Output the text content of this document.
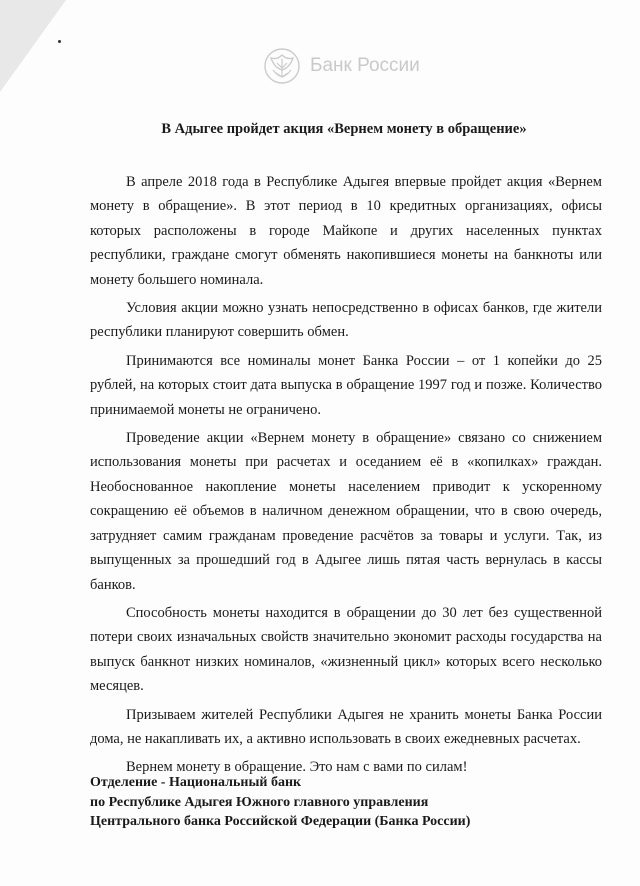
Банк России
В Адыгее пройдет акция «Вернем монету в обращение»

В апреле 2018 года в Республике Адыгея впервые пройдет акция «Вернем монету в обращение». В этот период в 10 кредитных организациях, офисы которых расположены в городе Майкопе и других населенных пунктах республики, граждане смогут обменять накопившиеся монеты на банкноты или монету большего номинала.

Условия акции можно узнать непосредственно в офисах банков, где жители республики планируют совершить обмен.

Принимаются все номиналы монет Банка России – от 1 копейки до 25 рублей, на которых стоит дата выпуска в обращение 1997 год и позже. Количество принимаемой монеты не ограничено.

Проведение акции «Вернем монету в обращение» связано со снижением использования монеты при расчетах и оседанием её в «копилках» граждан. Необоснованное накопление монеты населением приводит к ускоренному сокращению её объемов в наличном денежном обращении, что в свою очередь, затрудняет самим гражданам проведение расчётов за товары и услуги. Так, из выпущенных за прошедший год в Адыгее лишь пятая часть вернулась в кассы банков.

Способность монеты находится в обращении до 30 лет без существенной потери своих изначальных свойств значительно экономит расходы государства на выпуск банкнот низких номиналов, «жизненный цикл» которых всего несколько месяцев.

Призываем жителей Республики Адыгея не хранить монеты Банка России дома, не накапливать их, а активно использовать в своих ежедневных расчетах.

Вернем монету в обращение. Это нам с вами по силам!

Отделение - Национальный банк
по Республике Адыгея Южного главного управления
Центрального банка Российской Федерации (Банка России)
